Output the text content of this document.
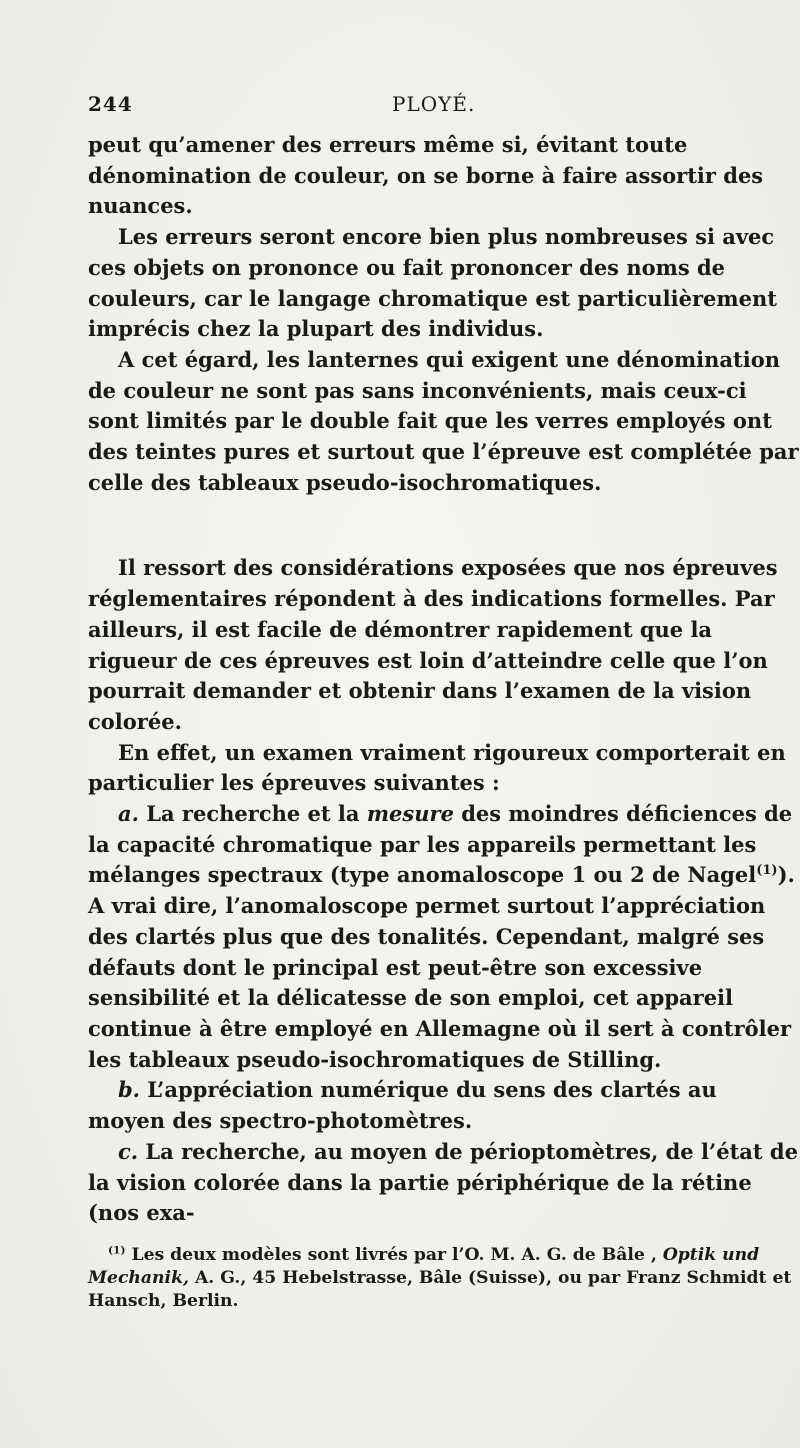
244	PLOYÉ.

peut qu’amener des erreurs même si, évitant toute dénomination de couleur, on se borne à faire assortir des nuances.

Les erreurs seront encore bien plus nombreuses si avec ces objets on prononce ou fait prononcer des noms de couleurs, car le langage chromatique est particulièrement imprécis chez la plupart des individus.

A cet égard, les lanternes qui exigent une dénomination de couleur ne sont pas sans inconvénients, mais ceux-ci sont limités par le double fait que les verres employés ont des teintes pures et surtout que l’épreuve est complétée par celle des tableaux pseudo-isochromatiques.

Il ressort des considérations exposées que nos épreuves réglementaires répondent à des indications formelles. Par ailleurs, il est facile de démontrer rapidement que la rigueur de ces épreuves est loin d’atteindre celle que l’on pourrait demander et obtenir dans l’examen de la vision colorée.

En effet, un examen vraiment rigoureux comporterait en particulier les épreuves suivantes :

a. La recherche et la mesure des moindres déficiences de la capacité chromatique par les appareils permettant les mélanges spectraux (type anomaloscope 1 ou 2 de Nagel$^{(1)}$). A vrai dire, l’anomaloscope permet surtout l’appréciation des clartés plus que des tonalités. Cependant, malgré ses défauts dont le principal est peut-être son excessive sensibilité et la délicatesse de son emploi, cet appareil continue à être employé en Allemagne où il sert à contrôler les tableaux pseudo-isochromatiques de Stilling.

b. L’appréciation numérique du sens des clartés au moyen des spectro-photomètres.

c. La recherche, au moyen de périoptomètres, de l’état de la vision colorée dans la partie périphérique de la rétine (nos exa-

$^{(1)}$ Les deux modèles sont livrés par l’O. M. A. G. de Bâle , Optik und Mechanik, A. G., 45 Hebelstrasse, Bâle (Suisse), ou par Franz Schmidt et Hansch, Berlin.
